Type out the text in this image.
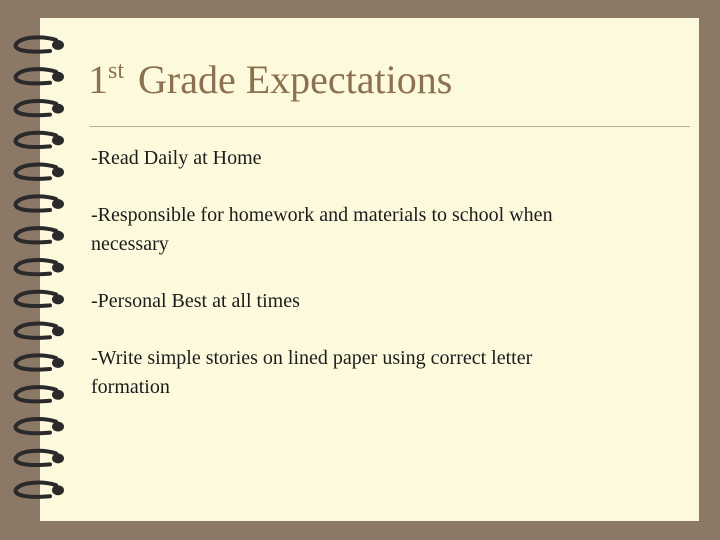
1st Grade Expectations
-Read Daily at Home
-Responsible for homework and materials to school when necessary
-Personal Best at all times
-Write simple stories on lined paper using correct letter formation
